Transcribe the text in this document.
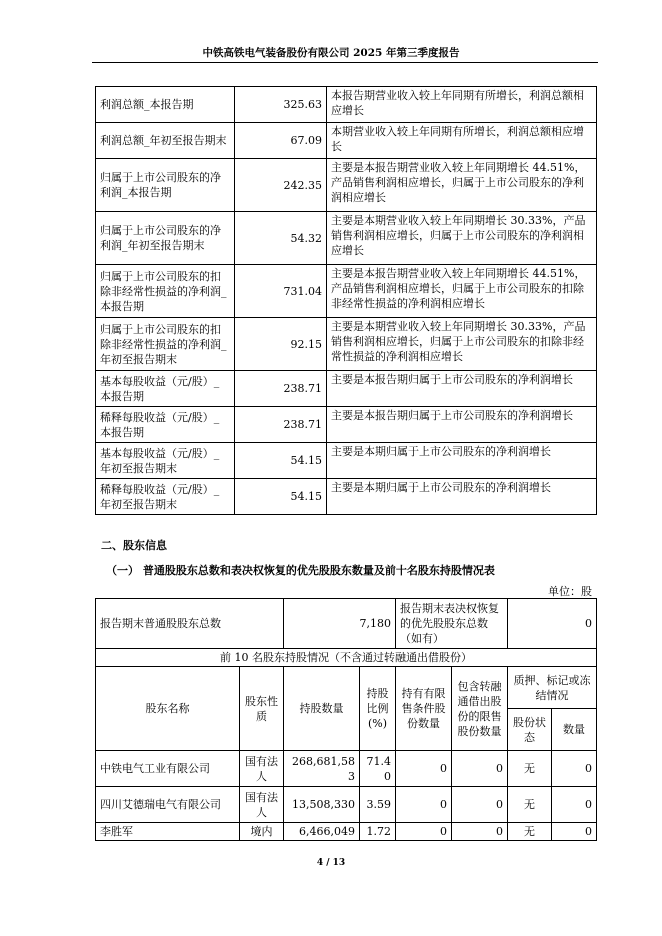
中铁高铁电气装备股份有限公司 2025 年第三季度报告
利润总额_本报告期	325.63	本报告期营业收入较上年同期有所增长，利润总额相应增长
利润总额_年初至报告期末	67.09	本期营业收入较上年同期有所增长，利润总额相应增长
归属于上市公司股东的净利润_本报告期	242.35	主要是本报告期营业收入较上年同期增长 44.51%，产品销售利润相应增长，归属于上市公司股东的净利润相应增长
归属于上市公司股东的净利润_年初至报告期末	54.32	主要是本期营业收入较上年同期增长 30.33%，产品销售利润相应增长，归属于上市公司股东的净利润相应增长
归属于上市公司股东的扣除非经常性损益的净利润_本报告期	731.04	主要是本报告期营业收入较上年同期增长 44.51%，产品销售利润相应增长，归属于上市公司股东的扣除非经常性损益的净利润相应增长
归属于上市公司股东的扣除非经常性损益的净利润_年初至报告期末	92.15	主要是本期营业收入较上年同期增长 30.33%，产品销售利润相应增长，归属于上市公司股东的扣除非经常性损益的净利润相应增长
基本每股收益（元/股）_本报告期	238.71	主要是本报告期归属于上市公司股东的净利润增长
稀释每股收益（元/股）_本报告期	238.71	主要是本报告期归属于上市公司股东的净利润增长
基本每股收益（元/股）_年初至报告期末	54.15	主要是本期归属于上市公司股东的净利润增长
稀释每股收益（元/股）_年初至报告期末	54.15	主要是本期归属于上市公司股东的净利润增长
二、股东信息
（一） 普通股股东总数和表决权恢复的优先股股东数量及前十名股东持股情况表
单位：股
报告期末普通股股东总数		7,180		报告期末表决权恢复的优先股股东总数（如有）		0	
前 10 名股东持股情况（不含通过转融通出借股份）							
股东名称	股东性质	持股数量	持股比例(%)	持有有限售条件股份数量	包含转融通借出股份的限售股份数量	质押、标记或冻结情况	
						股份状态	数量
中铁电气工业有限公司	国有法人	268,681,583	71.40	0	0	无	0
四川艾德瑞电气有限公司	国有法人	13,508,330	3.59	0	0	无	0
李胜军	境内	6,466,049	1.72	0	0	无	0
4 / 13
